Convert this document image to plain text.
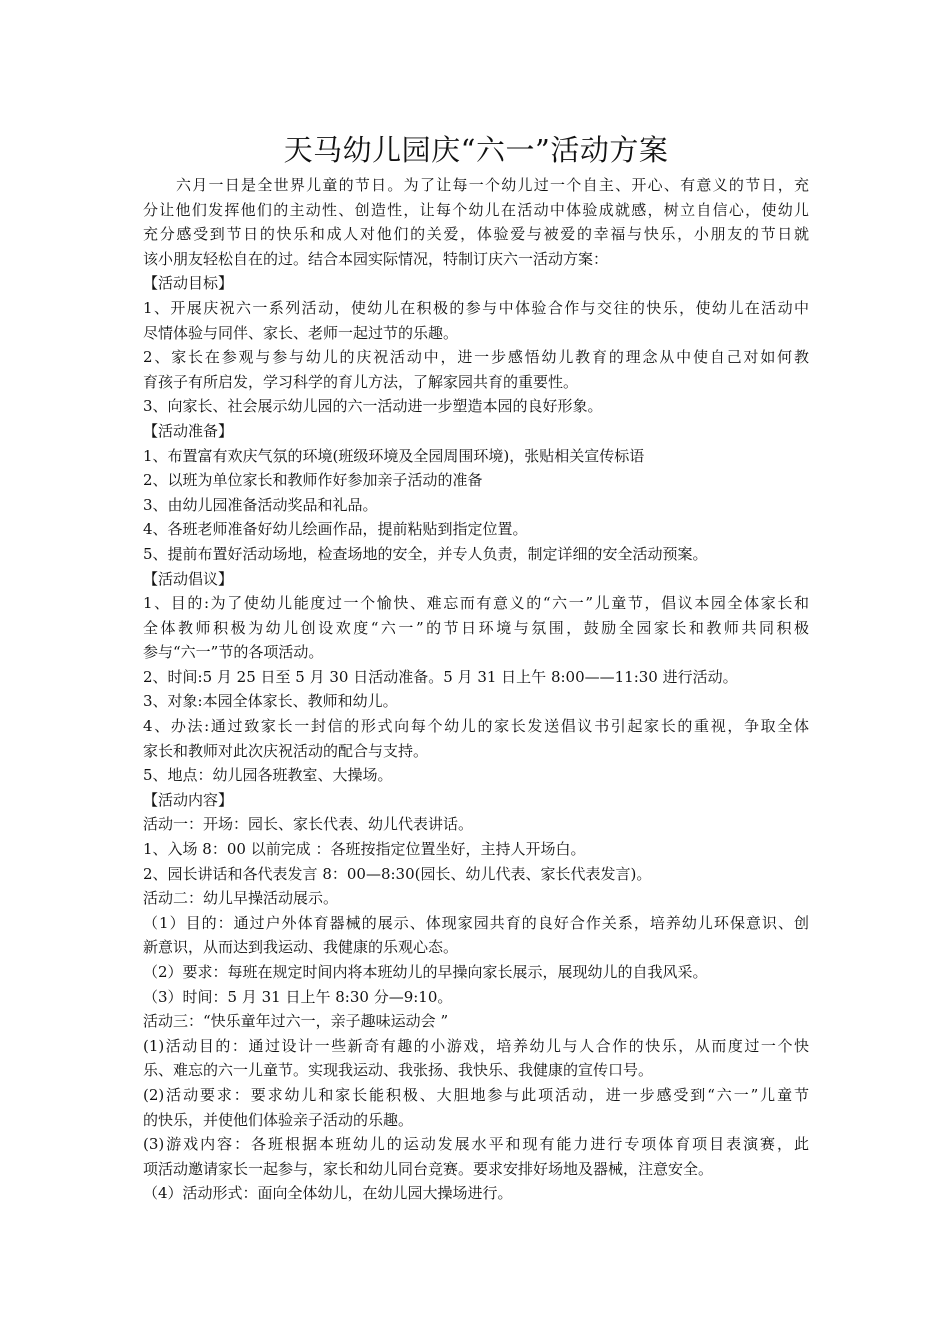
天马幼儿园庆“六一”活动方案

六月一日是全世界儿童的节日。为了让每一个幼儿过一个自主、开心、有意义的节日，充

分让他们发挥他们的主动性、创造性，让每个幼儿在活动中体验成就感，树立自信心，使幼儿

充分感受到节日的快乐和成人对他们的关爱，体验爱与被爱的幸福与快乐，小朋友的节日就

该小朋友轻松自在的过。结合本园实际情况，特制订庆六一活动方案：

【活动目标】

1、开展庆祝六一系列活动，使幼儿在积极的参与中体验合作与交往的快乐，使幼儿在活动中

尽情体验与同伴、家长、老师一起过节的乐趣。

2、家长在参观与参与幼儿的庆祝活动中，进一步感悟幼儿教育的理念从中使自己对如何教

育孩子有所启发，学习科学的育儿方法，了解家园共育的重要性。

3、向家长、社会展示幼儿园的六一活动进一步塑造本园的良好形象。

【活动准备】

1、布置富有欢庆气氛的环境(班级环境及全园周围环境)，张贴相关宣传标语

2、以班为单位家长和教师作好参加亲子活动的准备

3、由幼儿园准备活动奖品和礼品。

4、各班老师准备好幼儿绘画作品，提前粘贴到指定位置。

5、提前布置好活动场地，检查场地的安全，并专人负责，制定详细的安全活动预案。

【活动倡议】

1、目的:为了使幼儿能度过一个愉快、难忘而有意义的“六一”儿童节，倡议本园全体家长和

全体教师积极为幼儿创设欢度“六一”的节日环境与氛围，鼓励全园家长和教师共同积极

参与“六一”节的各项活动。

2、时间:5 月 25 日至 5 月 30 日活动准备。5 月 31 日上午 8:00——11:30 进行活动。

3、对象:本园全体家长、教师和幼儿。

4、办法:通过致家长一封信的形式向每个幼儿的家长发送倡议书引起家长的重视，争取全体

家长和教师对此次庆祝活动的配合与支持。

5、地点：幼儿园各班教室、大操场。

【活动内容】

活动一：开场：园长、家长代表、幼儿代表讲话。

1、入场 8：00 以前完成 ：各班按指定位置坐好，主持人开场白。

2、园长讲话和各代表发言 8：00—8:30(园长、幼儿代表、家长代表发言)。

活动二：幼儿早操活动展示。

（1）目的：通过户外体育器械的展示、体现家园共育的良好合作关系，培养幼儿环保意识、创

新意识，从而达到我运动、我健康的乐观心态。

（2）要求：每班在规定时间内将本班幼儿的早操向家长展示，展现幼儿的自我风采。

（3）时间：5 月 31 日上午 8:30 分—9:10。

活动三：“快乐童年过六一，亲子趣味运动会 ”

(1)活动目的：通过设计一些新奇有趣的小游戏，培养幼儿与人合作的快乐，从而度过一个快

乐、难忘的六一儿童节。实现我运动、我张扬、我快乐、我健康的宣传口号。

(2)活动要求：要求幼儿和家长能积极、大胆地参与此项活动，进一步感受到“六一”儿童节

的快乐，并使他们体验亲子活动的乐趣。

(3)游戏内容：各班根据本班幼儿的运动发展水平和现有能力进行专项体育项目表演赛，此

项活动邀请家长一起参与，家长和幼儿同台竞赛。要求安排好场地及器械，注意安全。

（4）活动形式：面向全体幼儿，在幼儿园大操场进行。
